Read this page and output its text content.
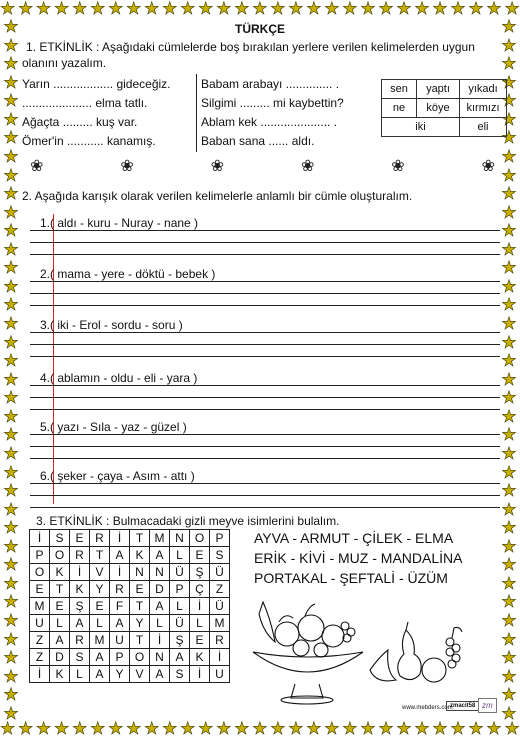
★ ★ ★ ★ ★ ★ ★ ★ ★ ★ ★ ★ ★ ★ ★ ★ ★ ★ ★ ★ ★ ★ ★ ★ ★ ★ ★ ★ ★
★ ★ ★ ★ ★ ★ ★ ★ ★ ★ ★ ★ ★ ★ ★ ★ ★ ★ ★ ★ ★ ★ ★ ★ ★ ★ ★ ★ ★
★
★
★
★
★
★
★
★
★
★
★
★
★
★
★
★
★
★
★
★
★
★
★
★
★
★
★
★
★
★
★
★
★
★
★
★
★
★
★
★
★
★
★
★
★
★
★
★
★
★
★
★
★
★
★
★
★
★
★
★
★
★
★
★
★
★
★
★
★
★
★
★
★
★
★
★
TÜRKÇE
1. ETKİNLİK : Aşağıdaki cümlelerde boş bırakılan yerlere verilen kelimelerden uygun
olanını yazalım.
Yarın .................. gideceğiz.
..................... elma tatlı.
Ağaçta ......... kuş var.
Ömer'in ........... kanamış.
Babam arabayı .............. .
Silgimi ......... mi kaybettin?
Ablam kek ..................... .
Baban sana ...... aldı.
sen	yaptı	yıkadı
ne	köye	kırmızı
iki		eli
❀	❀	❀	❀	❀	❀
2. Aşağıda karışık olarak verilen kelimelerle anlamlı bir cümle oluşturalım.
1.( aldı - kuru - Nuray - nane )
2.( mama - yere - döktü - bebek )
3.( iki - Erol - sordu - soru )
4.( ablamın - oldu - eli - yara )
5.( yazı - Sıla - yaz - güzel )
6.( şeker - çaya - Asım - attı )
3. ETKİNLİK : Bulmacadaki gizli meyve isimlerini bulalım.
İ	S	E	R	İ	T	M	N	O	P
P	O	R	T	A	K	A	L	E	S
O	K	İ	V	İ	N	N	Ü	Ş	Ü
E	T	K	Y	R	E	D	P	Ç	Z
M	E	Ş	E	F	T	A	L	İ	Ü
U	L	A	L	A	Y	L	Ü	L	M
Z	A	R	M	U	T	İ	Ş	E	R
Z	D	S	A	P	O	N	A	K	İ
İ	K	L	A	Y	V	A	S	İ	U
AYVA - ARMUT - ÇİLEK - ELMA
ERİK - KİVİ - MUZ - MANDALİNA
PORTAKAL - ŞEFTALİ - ÜZÜM
www.mebders.com
zmacit58 zm
